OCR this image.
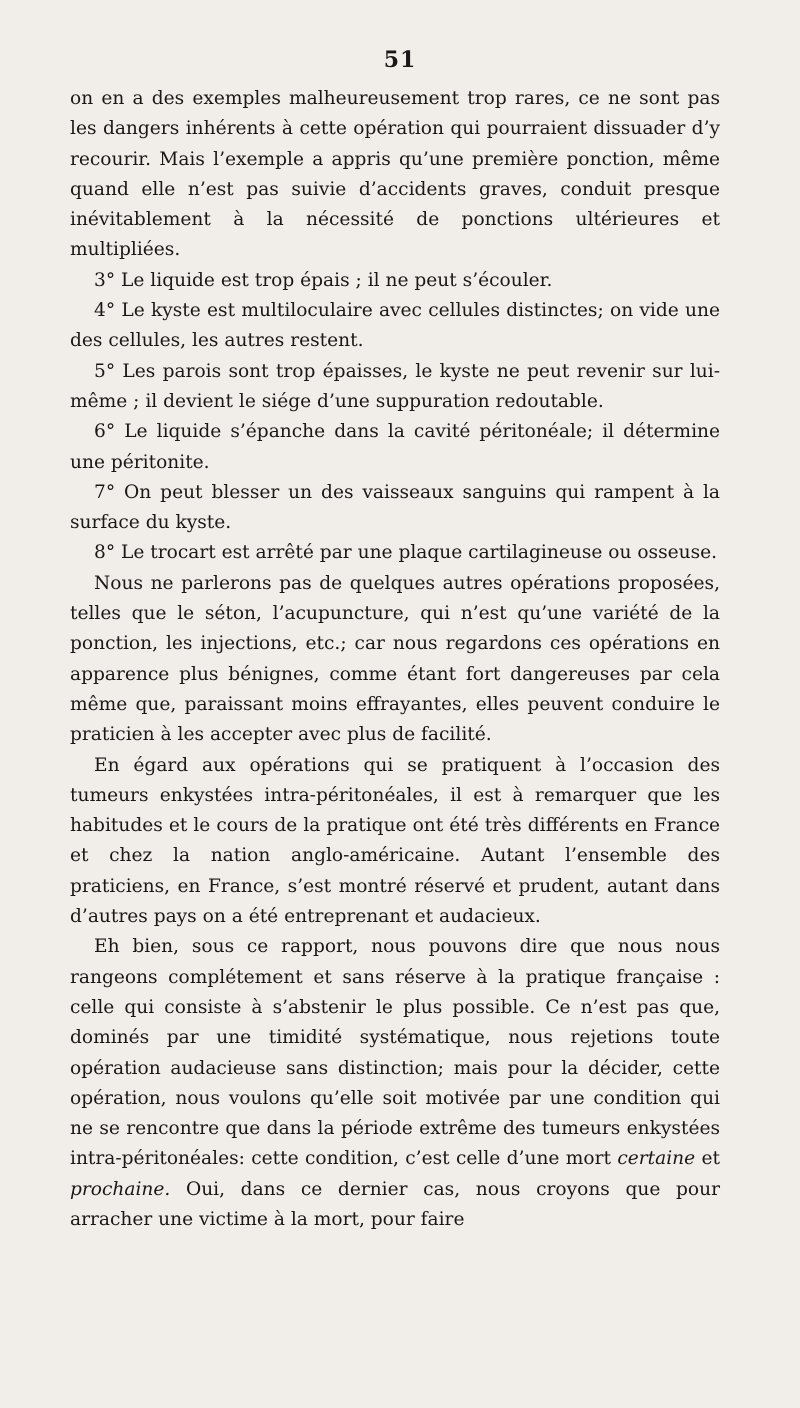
51

on en a des exemples malheureusement trop rares, ce ne sont pas les dangers inhérents à cette opération qui pourraient dissuader d’y recourir. Mais l’exemple a appris qu’une première ponction, même quand elle n’est pas suivie d’accidents graves, conduit presque inévitablement à la nécessité de ponctions ultérieures et multipliées.

3° Le liquide est trop épais ; il ne peut s’écouler.

4° Le kyste est multiloculaire avec cellules distinctes; on vide une des cellules, les autres restent.

5° Les parois sont trop épaisses, le kyste ne peut revenir sur lui-même ; il devient le siége d’une suppuration redoutable.

6° Le liquide s’épanche dans la cavité péritonéale; il détermine une péritonite.

7° On peut blesser un des vaisseaux sanguins qui rampent à la surface du kyste.

8° Le trocart est arrêté par une plaque cartilagineuse ou osseuse.

Nous ne parlerons pas de quelques autres opérations proposées, telles que le séton, l’acupuncture, qui n’est qu’une variété de la ponction, les injections, etc.; car nous regardons ces opérations en apparence plus bénignes, comme étant fort dangereuses par cela même que, paraissant moins effrayantes, elles peuvent conduire le praticien à les accepter avec plus de facilité.

En égard aux opérations qui se pratiquent à l’occasion des tumeurs enkystées intra-péritonéales, il est à remarquer que les habitudes et le cours de la pratique ont été très différents en France et chez la nation anglo-américaine. Autant l’ensemble des praticiens, en France, s’est montré réservé et prudent, autant dans d’autres pays on a été entreprenant et audacieux.

Eh bien, sous ce rapport, nous pouvons dire que nous nous rangeons complétement et sans réserve à la pratique française : celle qui consiste à s’abstenir le plus possible. Ce n’est pas que, dominés par une timidité systématique, nous rejetions toute opération audacieuse sans distinction; mais pour la décider, cette opération, nous voulons qu’elle soit motivée par une condition qui ne se rencontre que dans la période extrême des tumeurs enkystées intra-péritonéales: cette condition, c’est celle d’une mort certaine et prochaine. Oui, dans ce dernier cas, nous croyons que pour arracher une victime à la mort, pour faire
